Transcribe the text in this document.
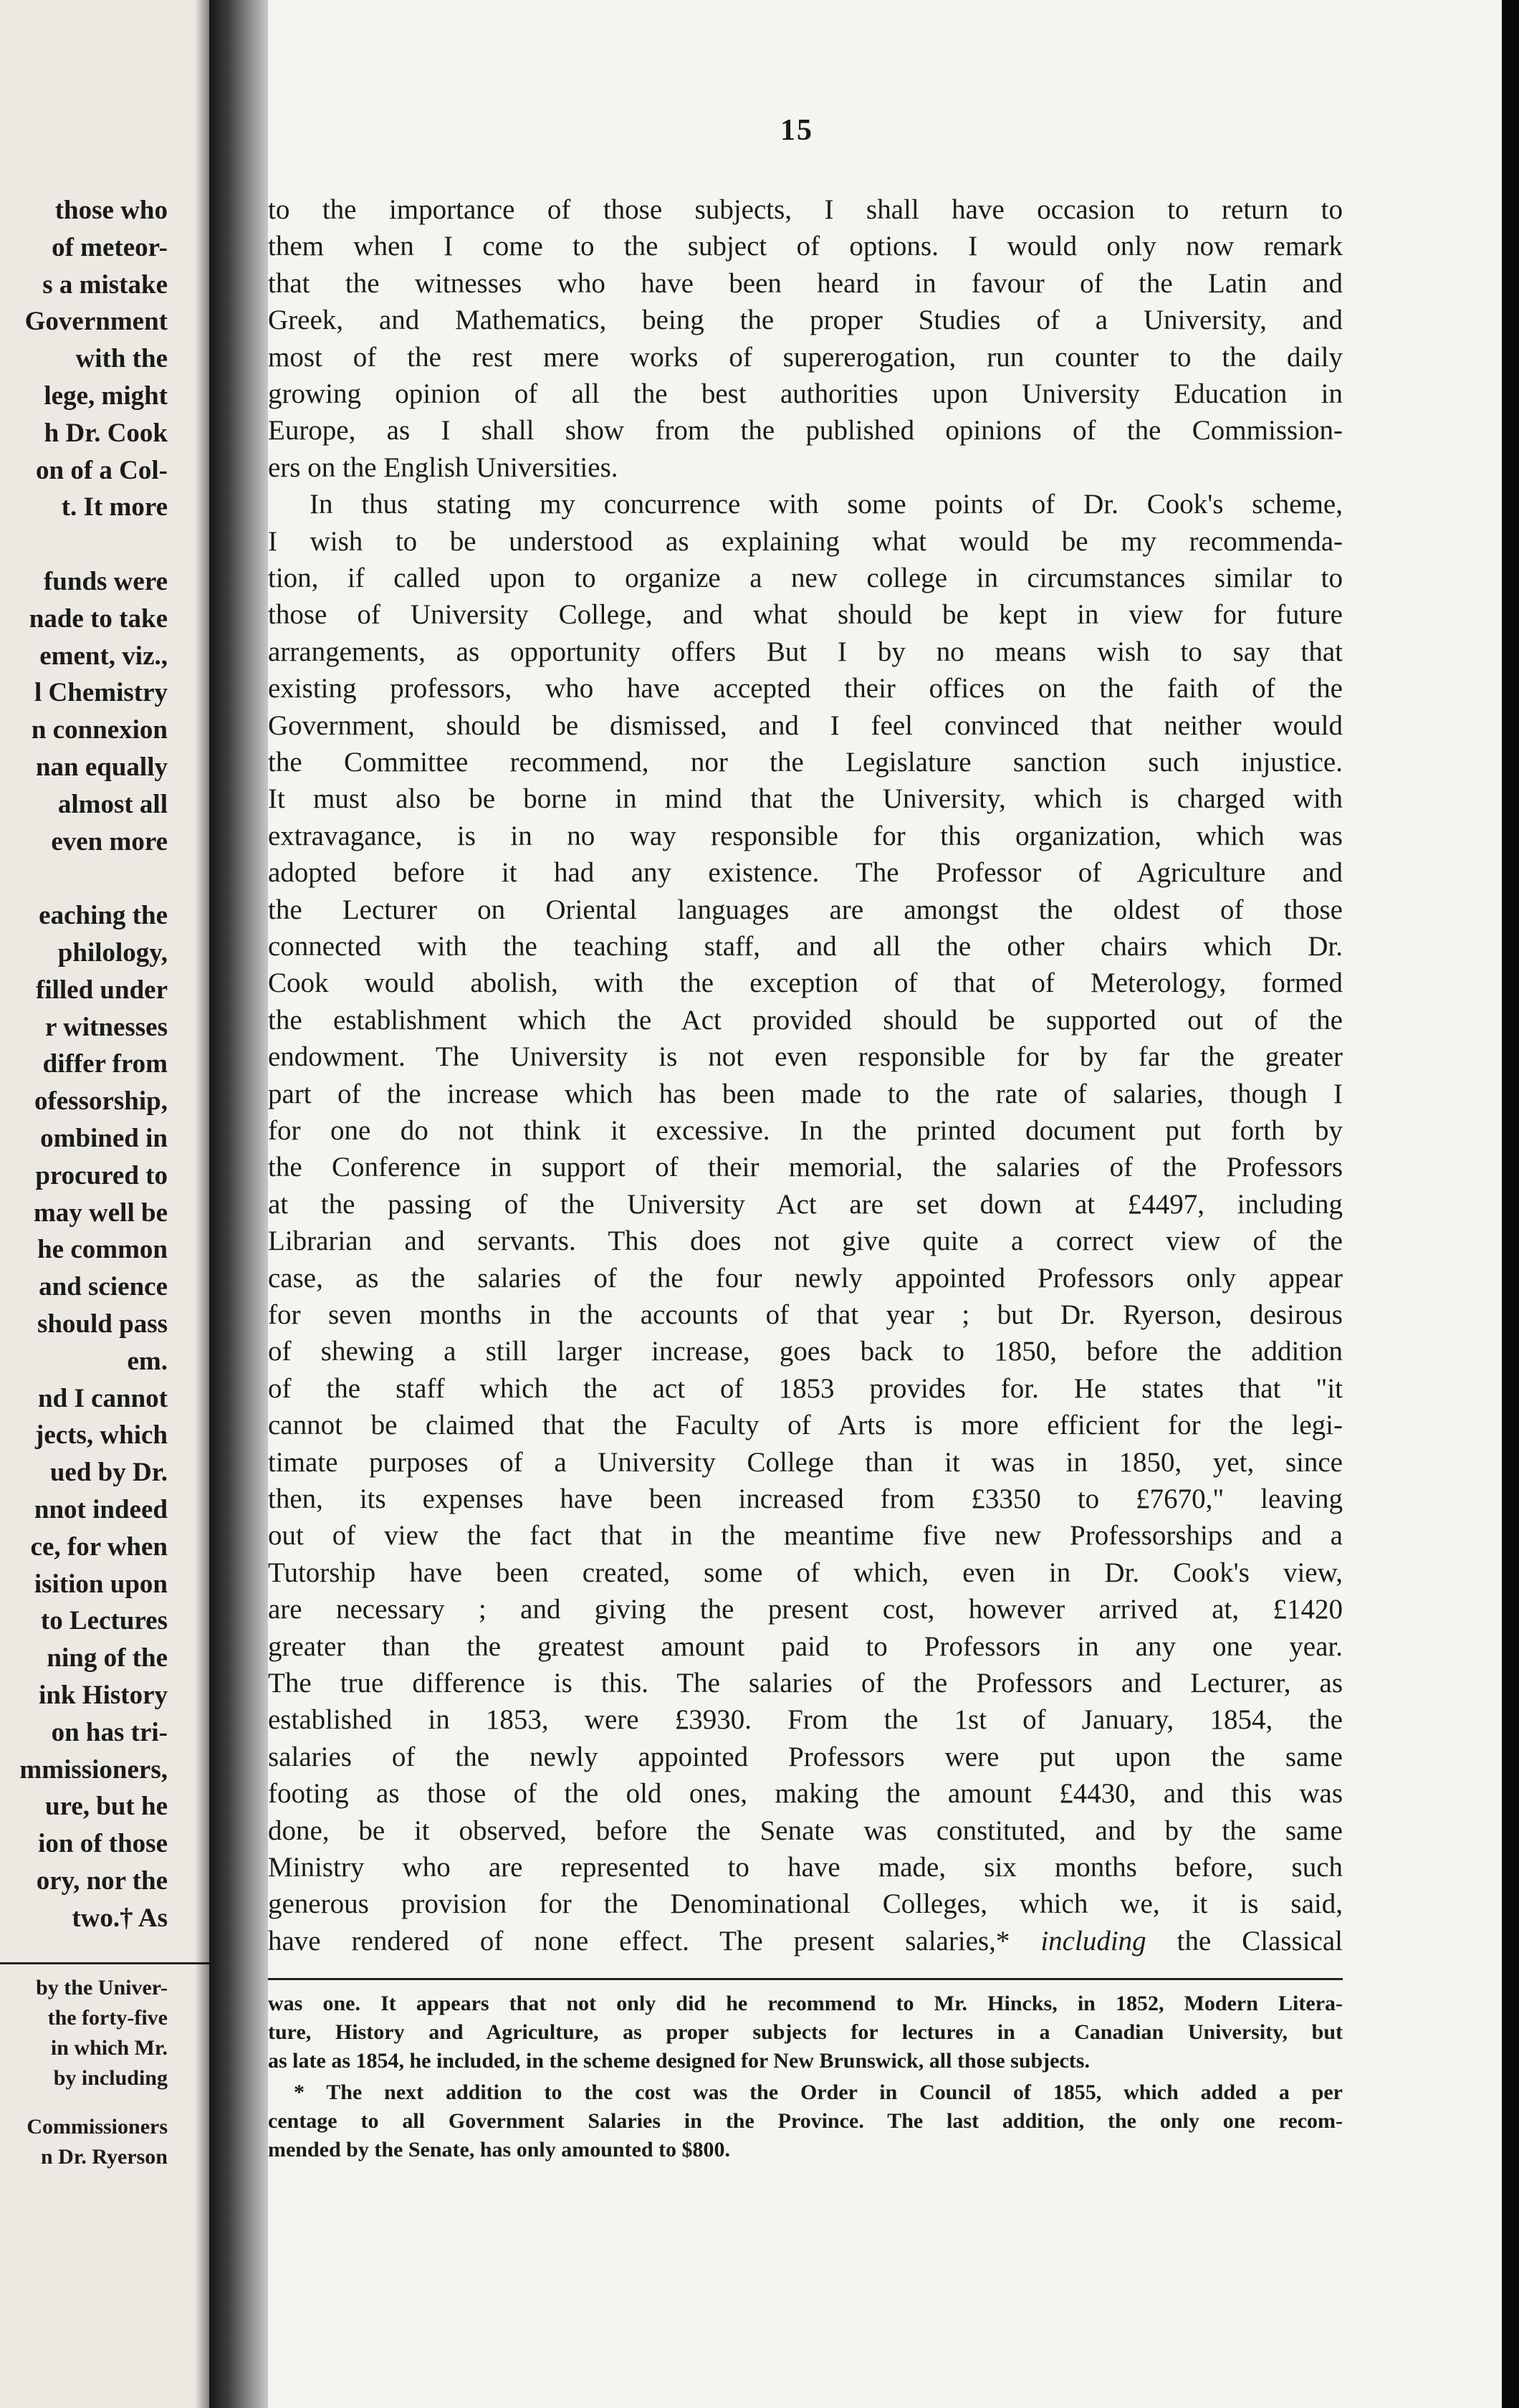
those who
of meteor-
s a mistake
Government
with the
lege, might
h Dr. Cook
on of a Col-
t. It more
funds were
nade to take
ement, viz.,
l Chemistry
n connexion
nan equally
almost all
even more
eaching the
philology,
filled under
r witnesses
differ from
ofessorship,
ombined in
procured to
may well be
he common
and science
should pass
em.
nd I cannot
jects, which
ued by Dr.
nnot indeed
ce, for when
isition upon
to Lectures
ning of the
ink History
on has tri-
mmissioners,
ure, but he
ion of those
ory, nor the
two.† As
by the Univer-
the forty-five
in which Mr.
by including
Commissioners
n Dr. Ryerson
15
to the importance of those subjects, I shall have occasion to return to
them when I come to the subject of options. I would only now remark
that the witnesses who have been heard in favour of the Latin and
Greek, and Mathematics, being the proper Studies of a University, and
most of the rest mere works of supererogation, run counter to the daily
growing opinion of all the best authorities upon University Education in
Europe, as I shall show from the published opinions of the Commission-
ers on the English Universities.
In thus stating my concurrence with some points of Dr. Cook's scheme,
I wish to be understood as explaining what would be my recommenda-
tion, if called upon to organize a new college in circumstances similar to
those of University College, and what should be kept in view for future
arrangements, as opportunity offers But I by no means wish to say that
existing professors, who have accepted their offices on the faith of the
Government, should be dismissed, and I feel convinced that neither would
the Committee recommend, nor the Legislature sanction such injustice.
It must also be borne in mind that the University, which is charged with
extravagance, is in no way responsible for this organization, which was
adopted before it had any existence. The Professor of Agriculture and
the Lecturer on Oriental languages are amongst the oldest of those
connected with the teaching staff, and all the other chairs which Dr.
Cook would abolish, with the exception of that of Meterology, formed
the establishment which the Act provided should be supported out of the
endowment. The University is not even responsible for by far the greater
part of the increase which has been made to the rate of salaries, though I
for one do not think it excessive. In the printed document put forth by
the Conference in support of their memorial, the salaries of the Professors
at the passing of the University Act are set down at £4497, including
Librarian and servants. This does not give quite a correct view of the
case, as the salaries of the four newly appointed Professors only appear
for seven months in the accounts of that year ; but Dr. Ryerson, desirous
of shewing a still larger increase, goes back to 1850, before the addition
of the staff which the act of 1853 provides for. He states that "it
cannot be claimed that the Faculty of Arts is more efficient for the legi-
timate purposes of a University College than it was in 1850, yet, since
then, its expenses have been increased from £3350 to £7670," leaving
out of view the fact that in the meantime five new Professorships and a
Tutorship have been created, some of which, even in Dr. Cook's view,
are necessary ; and giving the present cost, however arrived at, £1420
greater than the greatest amount paid to Professors in any one year.
The true difference is this. The salaries of the Professors and Lecturer, as
established in 1853, were £3930. From the 1st of January, 1854, the
salaries of the newly appointed Professors were put upon the same
footing as those of the old ones, making the amount £4430, and this was
done, be it observed, before the Senate was constituted, and by the same
Ministry who are represented to have made, six months before, such
generous provision for the Denominational Colleges, which we, it is said,
have rendered of none effect. The present salaries,* including the Classical
was one. It appears that not only did he recommend to Mr. Hincks, in 1852, Modern Litera-
ture, History and Agriculture, as proper subjects for lectures in a Canadian University, but
as late as 1854, he included, in the scheme designed for New Brunswick, all those subjects.
* The next addition to the cost was the Order in Council of 1855, which added a per
centage to all Government Salaries in the Province. The last addition, the only one recom-
mended by the Senate, has only amounted to $800.
